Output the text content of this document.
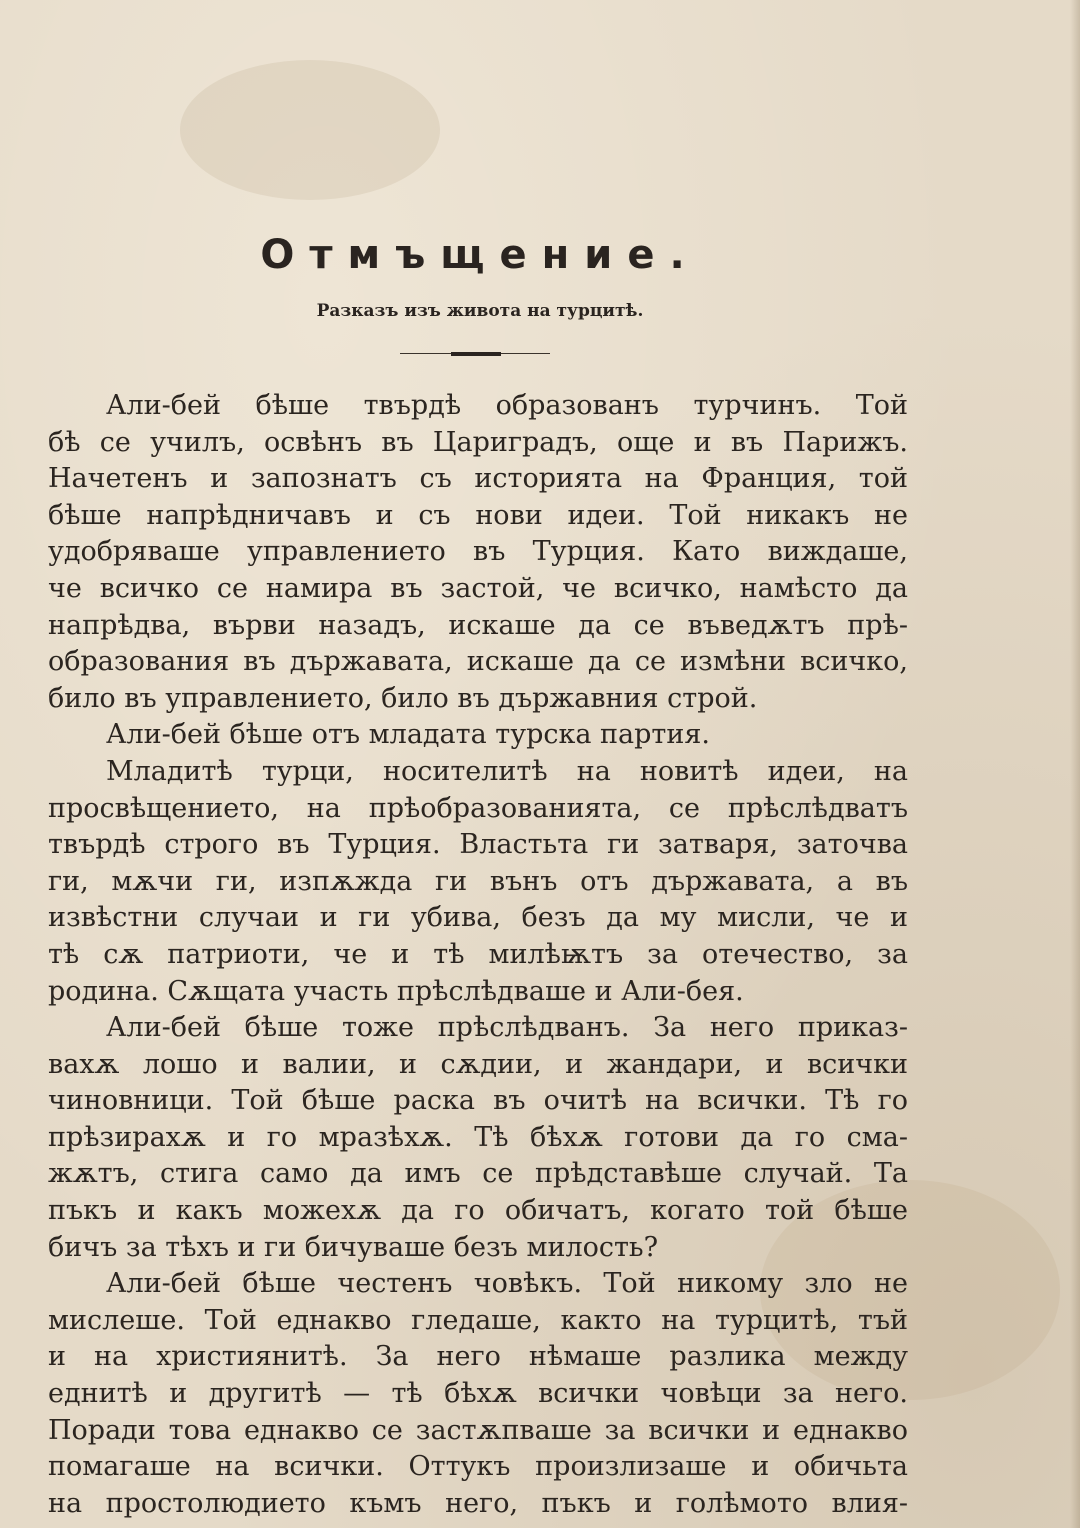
Отмъщение.
Разказъ изъ живота на турцитѣ.
Али-бей бѣше твърдѣ образованъ турчинъ. Той
бѣ се училъ, освѣнъ въ Цариградъ, още и въ Парижъ.
Начетенъ и запознатъ съ историята на Франция, той
бѣше напрѣдничавъ и съ нови идеи. Той никакъ не
удобряваше управлението въ Турция. Като виждаше,
че всичко се намира въ застой, че всичко, намѣсто да
напрѣдва, върви назадъ, искаше да се въведѫтъ прѣ-
образования въ държавата, искаше да се измѣни всичко,
било въ управлението, било въ държавния строй.
Али-бей бѣше отъ младата турска партия.
Младитѣ турци, носителитѣ на новитѣ идеи, на
просвѣщението, на прѣобразованията, се прѣслѣдватъ
твърдѣ строго въ Турция. Властьта ги затваря, заточва
ги, мѫчи ги, изпѫжда ги вънъ отъ държавата, а въ
извѣстни случаи и ги убива, безъ да му мисли, че и
тѣ сѫ патриоти, че и тѣ милѣѭтъ за отечество, за
родина. Сѫщата участь прѣслѣдваше и Али-бея.
Али-бей бѣше тоже прѣслѣдванъ. За него приказ-
вахѫ лошо и валии, и сѫдии, и жандари, и всички
чиновници. Той бѣше раска въ очитѣ на всички. Тѣ го
прѣзирахѫ и го мразѣхѫ. Тѣ бѣхѫ готови да го сма-
жѫтъ, стига само да имъ се прѣдставѣше случай. Та
пъкъ и какъ можехѫ да го обичатъ, когато той бѣше
бичъ за тѣхъ и ги бичуваше безъ милость?
Али-бей бѣше честенъ човѣкъ. Той никому зло не
мислеше. Той еднакво гледаше, както на турцитѣ, тъй
и на християнитѣ. За него нѣмаше разлика между
еднитѣ и другитѣ — тѣ бѣхѫ всички човѣци за него.
Поради това еднакво се застѫпваше за всички и еднакво
помагаше на всички. Оттукъ произлизаше и обичьта
на простолюдието къмъ него, пъкъ и голѣмото влия-
